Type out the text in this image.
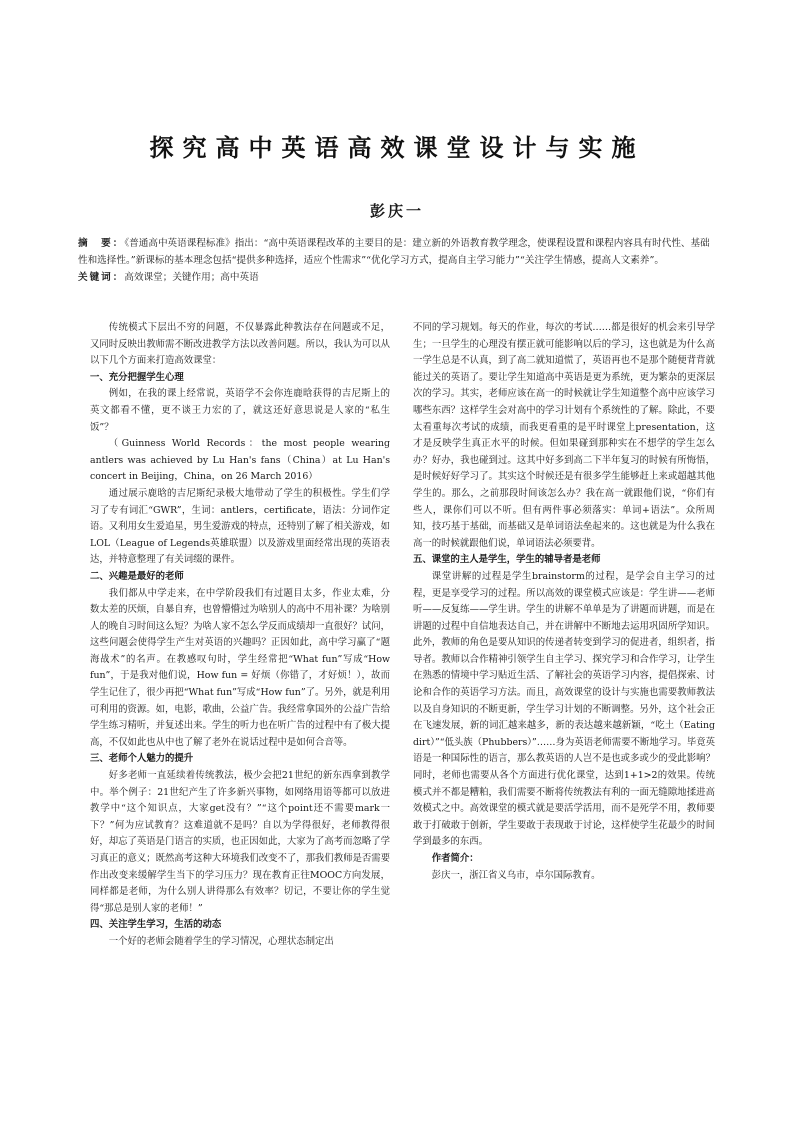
探究高中英语高效课堂设计与实施
彭庆一
摘　要：《普通高中英语课程标准》指出：“高中英语课程改革的主要目的是：建立新的外语教育教学理念，使课程设置和课程内容具有时代性、基础性和选择性。”新课标的基本理念包括“提供多种选择，适应个性需求”“优化学习方式，提高自主学习能力”“关注学生情感，提高人文素养”。
关键词：高效课堂；关键作用；高中英语

传统模式下层出不穷的问题，不仅暴露此种教法存在问题或不足，又同时反映出教师需不断改进教学方法以改善问题。所以，我认为可以从以下几个方面来打造高效课堂：

一、充分把握学生心理

例如，在我的课上经常说，英语学不会你连鹿晗获得的吉尼斯上的英文都看不懂，更不谈王力宏的了，就这还好意思说是人家的“私生饭”？

（Guinness World Records：the most people wearing antlers was achieved by Lu Han's fans（China）at Lu Han's concert in Beijing，China，on 26 March 2016）

通过展示鹿晗的吉尼斯纪录极大地带动了学生的积极性。学生们学习了专有词汇“GWR”，生词：antlers，certificate，语法：分词作定语。又利用女生爱追星，男生爱游戏的特点，还特别了解了相关游戏，如LOL（League of Legends英雄联盟）以及游戏里面经常出现的英语表达，并特意整理了有关词缀的课件。

二、兴趣是最好的老师

我们都从中学走来，在中学阶段我们有过题目太多，作业太难，分数太差的厌烦，自暴自弃，也曾懵懵过为啥别人的高中不用补课？为啥别人的晚自习时间这么短？为啥人家不怎么学反而成绩却一直很好？试问，这些问题会使得学生产生对英语的兴趣吗？正因如此，高中学习赢了“题海战术”的名声。在教感叹句时，学生经常把“What fun”写成“How fun”，于是我对他们说，How fun = 好烦（你错了，才好烦！），故而学生记住了，很少再把“What fun”写成“How fun”了。另外，就是利用可利用的资源。如，电影，歌曲，公益广告。我经常拿国外的公益广告给学生练习精听，并复述出来。学生的听力也在听广告的过程中有了极大提高，不仅如此也从中也了解了老外在说话过程中是如何合音等。

三、老师个人魅力的提升

好多老师一直延续着传统教法，极少会把21世纪的新东西拿到教学中。举个例子：21世纪产生了许多新兴事物，如网络用语等都可以放进教学中“这个知识点，大家get没有？”“这个point还不需要mark一下？”何为应试教育？这难道就不是吗？自以为学得很好，老师教得很好，却忘了英语是门语言的实质，也正因如此，大家为了高考而忽略了学习真正的意义；既然高考这种大环境我们改变不了，那我们教师是否需要作出改变来缓解学生当下的学习压力？现在教育正往MOOC方向发展，同样都是老师，为什么别人讲得那么有效率？切记，不要让你的学生觉得“那总是别人家的老师！”

四、关注学生学习，生活的动态

一个好的老师会随着学生的学习情况，心理状态制定出

不同的学习规划。每天的作业，每次的考试……都是很好的机会来引导学生；一旦学生的心理没有摆正就可能影响以后的学习，这也就是为什么高一学生总是不认真，到了高二就知道慌了，英语再也不是那个随便背背就能过关的英语了。要让学生知道高中英语是更为系统，更为繁杂的更深层次的学习。其实，老师应该在高一的时候就让学生知道整个高中应该学习哪些东西？这样学生会对高中的学习计划有个系统性的了解。除此，不要太看重每次考试的成绩，而我更看重的是平时课堂上presentation，这才是反映学生真正水平的时候。但如果碰到那种实在不想学的学生怎么办？好办，我也碰到过。这其中好多到高二下半年复习的时候有所悔悟，是时候好好学习了。其实这个时候还是有很多学生能够赶上来或超越其他学生的。那么，之前那段时间该怎么办？我在高一就跟他们说，“你们有些人，课你们可以不听。但有两件事必须落实：单词+语法”。众所周知，技巧基于基础，而基础又是单词语法垒起来的。这也就是为什么我在高一的时候就跟他们说，单词语法必须要背。

五、课堂的主人是学生，学生的辅导者是老师

课堂讲解的过程是学生brainstorm的过程，是学会自主学习的过程，更是享受学习的过程。所以高效的课堂模式应该是：学生讲——老师听——反复练——学生讲。学生的讲解不单单是为了讲题而讲题，而是在讲题的过程中自信地表达自己，并在讲解中不断地去运用巩固所学知识。此外，教师的角色是要从知识的传递者转变到学习的促进者，组织者，指导者。教师以合作精神引领学生自主学习、探究学习和合作学习，让学生在熟悉的情境中学习贴近生活、了解社会的英语学习内容，提倡探索、讨论和合作的英语学习方法。而且，高效课堂的设计与实施也需要教师教法以及自身知识的不断更新，学生学习计划的不断调整。另外，这个社会正在飞速发展，新的词汇越来越多，新的表达越来越新颖，“吃土（Eating dirt）”“低头族（Phubbers）”……身为英语老师需要不断地学习。毕竟英语是一种国际性的语言，那么教英语的人岂不是也或多或少的受此影响？同时，老师也需要从各个方面进行优化课堂，达到1+1>2的效果。传统模式并不都是糟粕，我们需要不断将传统教法有利的一面无缝隙地揉进高效模式之中。高效课堂的模式就是要活学活用，而不是死学不用，教师要敢于打破敢于创新，学生要敢于表现敢于讨论，这样使学生花最少的时间学到最多的东西。

作者简介：

彭庆一，浙江省义乌市，卓尔国际教育。
